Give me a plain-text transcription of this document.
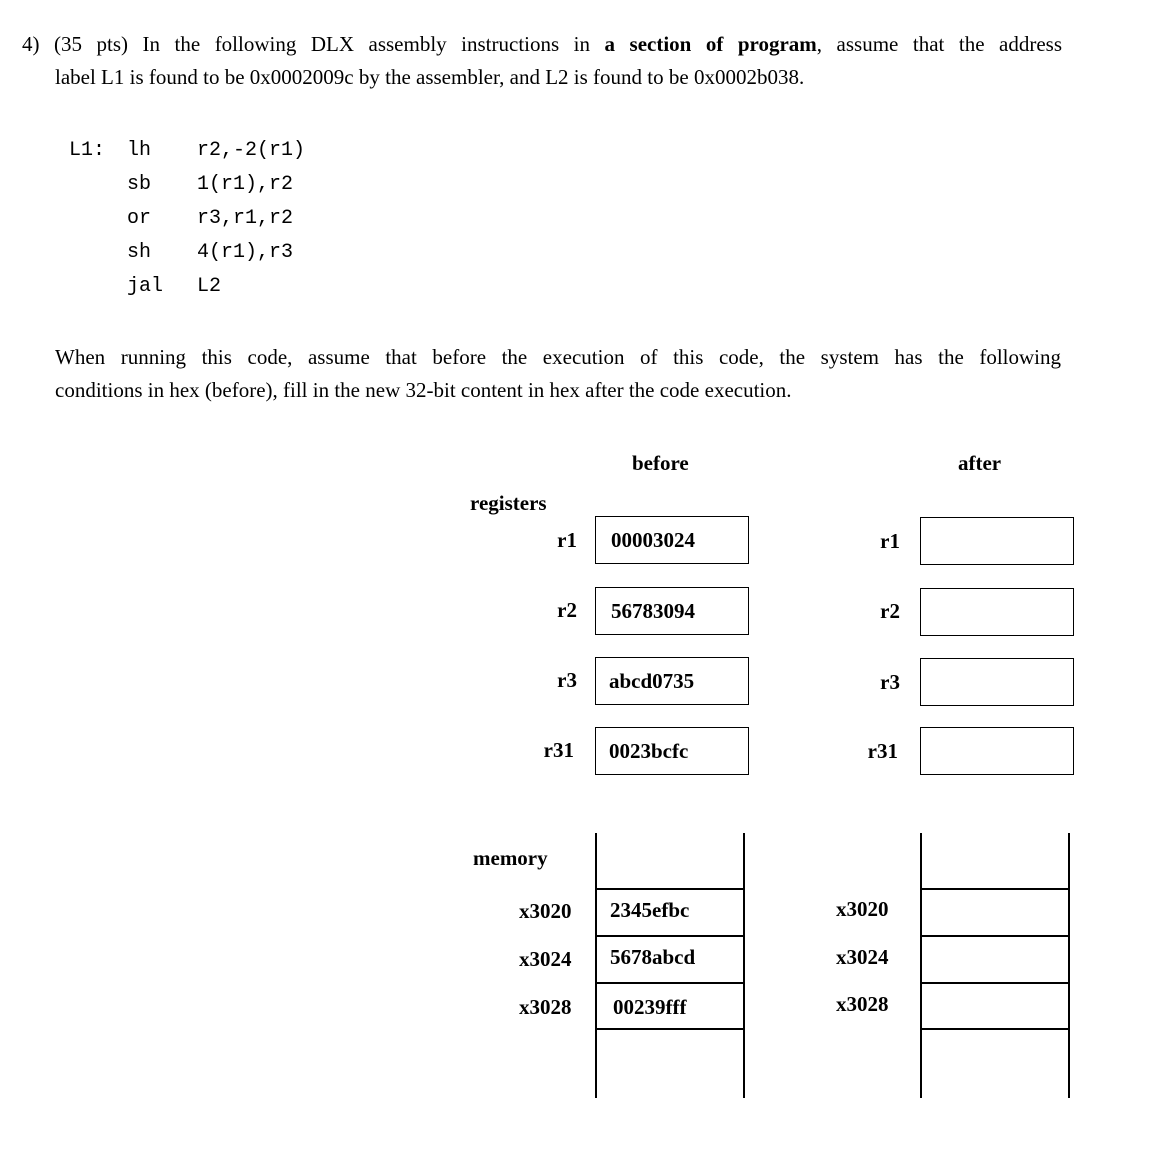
4) (35 pts) In the following DLX assembly instructions in a section of program, assume that the address
label L1 is found to be 0x0002009c by the assembler, and L2 is found to be 0x0002b038.
L1: lh r2,-2(r1)
sb 1(r1),r2
or r3,r1,r2
sh 4(r1),r3
jal L2
When running this code, assume that before the execution of this code, the system has the following
conditions in hex (before), fill in the new 32-bit content in hex after the code execution.
before	after
registers
r1 00003024	r1
r2 56783094	r2
r3 abcd0735	r3
r31 0023bcfc	r31
memory
x3020 2345efbc	x3020
x3024 5678abcd	x3024
x3028 00239fff	x3028
